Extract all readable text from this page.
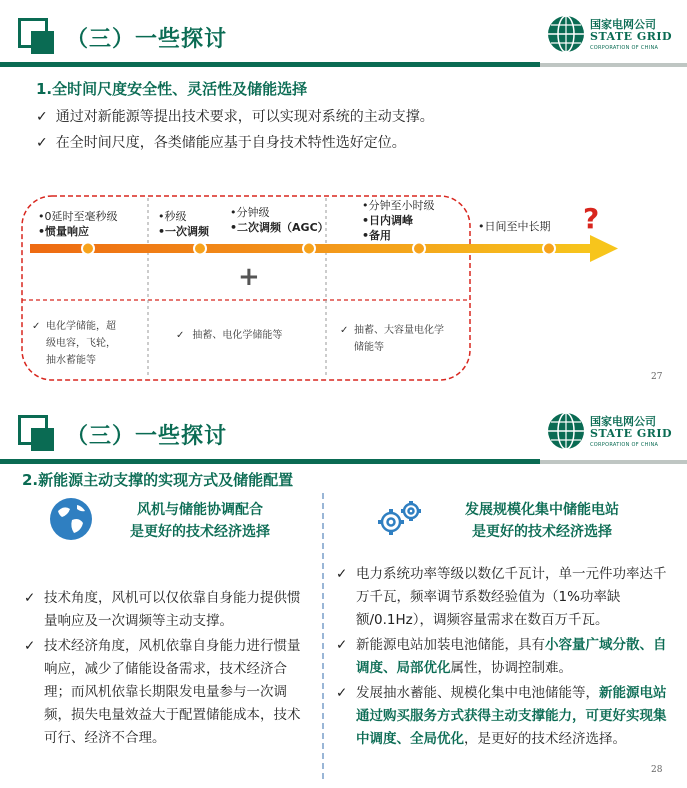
（三）一些探讨
国家电网公司
STATE GRID
CORPORATION OF CHINA
1.全时间尺度安全性、灵活性及储能选择
✓ 通过对新能源等提出技术要求，可以实现对系统的主动支撑。
✓ 在全时间尺度，各类储能应基于自身技术特性选好定位。
•0延时至毫秒级
•惯量响应
•秒级
•一次调频
•分钟级
•二次调频（AGC）
•分钟至小时级
•日内调峰
•备用
•日间至中长期 ?
+
✓ 电化学储能，超
级电容，飞轮，
抽水蓄能等
✓ 抽蓄、电化学储能等	✓ 抽蓄、大容量电化学
储能等
27
（三）一些探讨
国家电网公司
STATE GRID
CORPORATION OF CHINA
2.新能源主动支撑的实现方式及储能配置
风机与储能协调配合
是更好的技术经济选择
发展规模化集中储能电站
是更好的技术经济选择
✓ 技术角度，风机可以仅依靠自身能力提供惯量响应及一次调频等主动支撑。
✓ 技术经济角度，风机依靠自身能力进行惯量响应，减少了储能设备需求，技术经济合理；而风机依靠长期限发电量参与一次调频，损失电量效益大于配置储能成本，技术可行、经济不合理。
✓ 电力系统功率等级以数亿千瓦计，单一元件功率达千万千瓦，频率调节系数经验值为（1%功率缺额/0.1Hz），调频容量需求在数百万千瓦。
✓ 新能源电站加装电池储能，具有小容量广域分散、自调度、局部优化属性，协调控制难。
✓ 发展抽水蓄能、规模化集中电池储能等，新能源电站通过购买服务方式获得主动支撑能力，可更好实现集中调度、全局优化，是更好的技术经济选择。
28
